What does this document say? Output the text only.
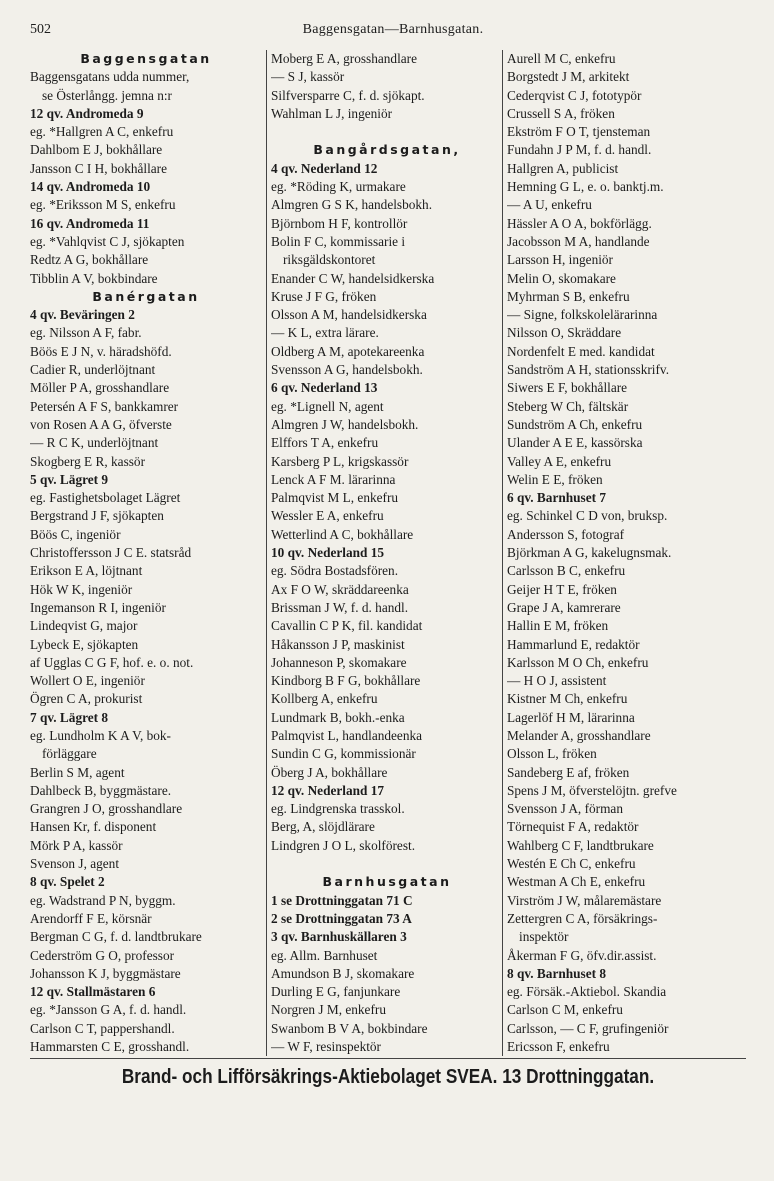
502	Baggensgatan—Barnhusgatan.
Baggensgatan
Baggensgatans udda nummer,
se Österlångg. jemna n:r
12 qv. Andromeda 9
eg. *Hallgren A C, enkefru
Dahlbom E J, bokhållare
Jansson C I H, bokhållare
14 qv. Andromeda 10
eg. *Eriksson M S, enkefru
16 qv. Andromeda 11
eg. *Vahlqvist C J, sjökapten
Redtz A G, bokhållare
Tibblin A V, bokbindare
Banérgatan
4 qv. Beväringen 2
eg. Nilsson A F, fabr.
Böös E J N, v. häradshöfd.
Cadier R, underlöjtnant
Möller P A, grosshandlare
Petersén A F S, bankkamrer
von Rosen A A G, öfverste
— R C K, underlöjtnant
Skogberg E R, kassör
5 qv. Lägret 9
eg. Fastighetsbolaget Lägret
Bergstrand J F, sjökapten
Böös C, ingeniör
Christoffersson J C E. statsråd
Erikson E A, löjtnant
Hök W K, ingeniör
Ingemanson R I, ingeniör
Lindeqvist G, major
Lybeck E, sjökapten
af Ugglas C G F, hof. e. o. not.
Wollert O E, ingeniör
Ögren C A, prokurist
7 qv. Lägret 8
eg. Lundholm K A V, bok-
förläggare
Berlin S M, agent
Dahlbeck B, byggmästare.
Grangren J O, grosshandlare
Hansen Kr, f. disponent
Mörk P A, kassör
Svenson J, agent
8 qv. Spelet 2
eg. Wadstrand P N, byggm.
Arendorff F E, körsnär
Bergman C G, f. d. landtbrukare
Cederström G O, professor
Johansson K J, byggmästare
12 qv. Stallmästaren 6
eg. *Jansson G A, f. d. handl.
Carlson C T, pappershandl.
Hammarsten C E, grosshandl.
Moberg E A, grosshandlare
— S J, kassör
Silfversparre C, f. d. sjökapt.
Wahlman L J, ingeniör
Bangårdsgatan,
4 qv. Nederland 12
eg. *Röding K, urmakare
Almgren G S K, handelsbokh.
Björnbom H F, kontrollör
Bolin F C, kommissarie i
riksgäldskontoret
Enander C W, handelsidkerska
Kruse J F G, fröken
Olsson A M, handelsidkerska
— K L, extra lärare.
Oldberg A M, apotekareenka
Svensson A G, handelsbokh.
6 qv. Nederland 13
eg. *Lignell N, agent
Almgren J W, handelsbokh.
Elffors T A, enkefru
Karsberg P L, krigskassör
Lenck A F M. lärarinna
Palmqvist M L, enkefru
Wessler E A, enkefru
Wetterlind A C, bokhållare
10 qv. Nederland 15
eg. Södra Bostadsfören.
Ax F O W, skräddareenka
Brissman J W, f. d. handl.
Cavallin C P K, fil. kandidat
Håkansson J P, maskinist
Johanneson P, skomakare
Kindborg B F G, bokhållare
Kollberg A, enkefru
Lundmark B, bokh.-enka
Palmqvist L, handlandeenka
Sundin C G, kommissionär
Öberg J A, bokhållare
12 qv. Nederland 17
eg. Lindgrenska trasskol.
Berg, A, slöjdlärare
Lindgren J O L, skolförest.
Barnhusgatan
1 se Drottninggatan 71 C
2 se Drottninggatan 73 A
3 qv. Barnhuskällaren 3
eg. Allm. Barnhuset
Amundson B J, skomakare
Durling E G, fanjunkare
Norgren J M, enkefru
Swanbom B V A, bokbindare
— W F, resinspektör
Aurell M C, enkefru
Borgstedt J M, arkitekt
Cederqvist C J, fototypör
Crussell S A, fröken
Ekström F O T, tjensteman
Fundahn J P M, f. d. handl.
Hallgren A, publicist
Hemning G L, e. o. banktj.m.
— A U, enkefru
Hässler A O A, bokförlägg.
Jacobsson M A, handlande
Larsson H, ingeniör
Melin O, skomakare
Myhrman S B, enkefru
— Signe, folkskolelärarinna
Nilsson O, Skräddare
Nordenfelt E med. kandidat
Sandström A H, stationsskrifv.
Siwers E F, bokhållare
Steberg W Ch, fältskär
Sundström A Ch, enkefru
Ulander A E E, kassörska
Valley A E, enkefru
Welin E E, fröken
6 qv. Barnhuset 7
eg. Schinkel C D von, bruksp.
Andersson S, fotograf
Björkman A G, kakelugnsmak.
Carlsson B C, enkefru
Geijer H T E, fröken
Grape J A, kamrerare
Hallin E M, fröken
Hammarlund E, redaktör
Karlsson M O Ch, enkefru
— H O J, assistent
Kistner M Ch, enkefru
Lagerlöf H M, lärarinna
Melander A, grosshandlare
Olsson L, fröken
Sandeberg E af, fröken
Spens J M, öfverstelöjtn. grefve
Svensson J A, förman
Törnequist F A, redaktör
Wahlberg C F, landtbrukare
Westén E Ch C, enkefru
Westman A Ch E, enkefru
Virström J W, målaremästare
Zettergren C A, försäkrings-
inspektör
Åkerman F G, öfv.dir.assist.
8 qv. Barnhuset 8
eg. Försäk.-Aktiebol. Skandia
Carlson C M, enkefru
Carlsson, — C F, grufingeniör
Ericsson F, enkefru
Brand- och Lifförsäkrings-Aktiebolaget SVEA. 13 Drottninggatan.
